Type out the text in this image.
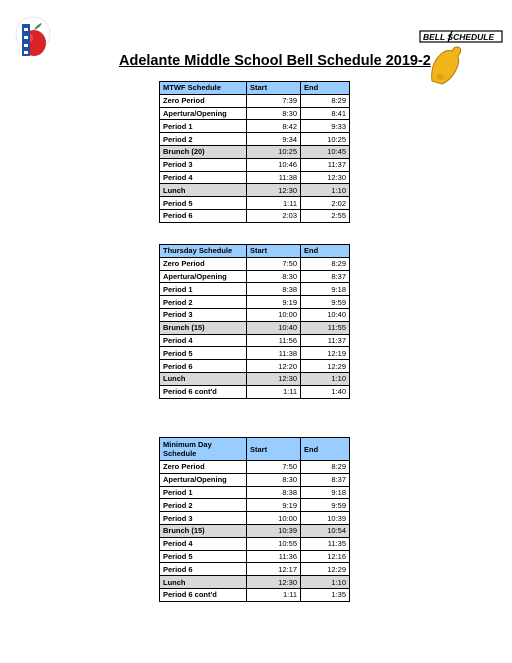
BELL SCHEDULE
Adelante Middle School Bell Schedule 2019-2
MTWF Schedule	Start	End
Zero Period	7:39	8:29
Apertura/Opening	8:30	8:41
Period 1	8:42	9:33
Period 2	9:34	10:25
Brunch (20)	10:25	10:45
Period 3	10:46	11:37
Period 4	11:38	12:30
Lunch	12:30	1:10
Period 5	1:11	2:02
Period 6	2:03	2:55
Thursday Schedule	Start	End
Zero Period	7:50	8:29
Apertura/Opening	8:30	8:37
Period 1	8:38	9:18
Period 2	9:19	9:59
Period 3	10:00	10:40
Brunch (15)	10:40	11:55
Period 4	11:56	11:37
Period 5	11:38	12:19
Period 6	12:20	12:29
Lunch	12:30	1:10
Period 6 cont'd	1:11	1:40
Minimum Day Schedule	Start	End
Zero Period	7:50	8:29
Apertura/Opening	8:30	8:37
Period 1	8:38	9:18
Period 2	9:19	9:59
Period 3	10:00	10:39
Brunch (15)	10:39	10:54
Period 4	10:55	11:35
Period 5	11:36	12:16
Period 6	12:17	12:29
Lunch	12:30	1:10
Period 6 cont'd	1:11	1:35
